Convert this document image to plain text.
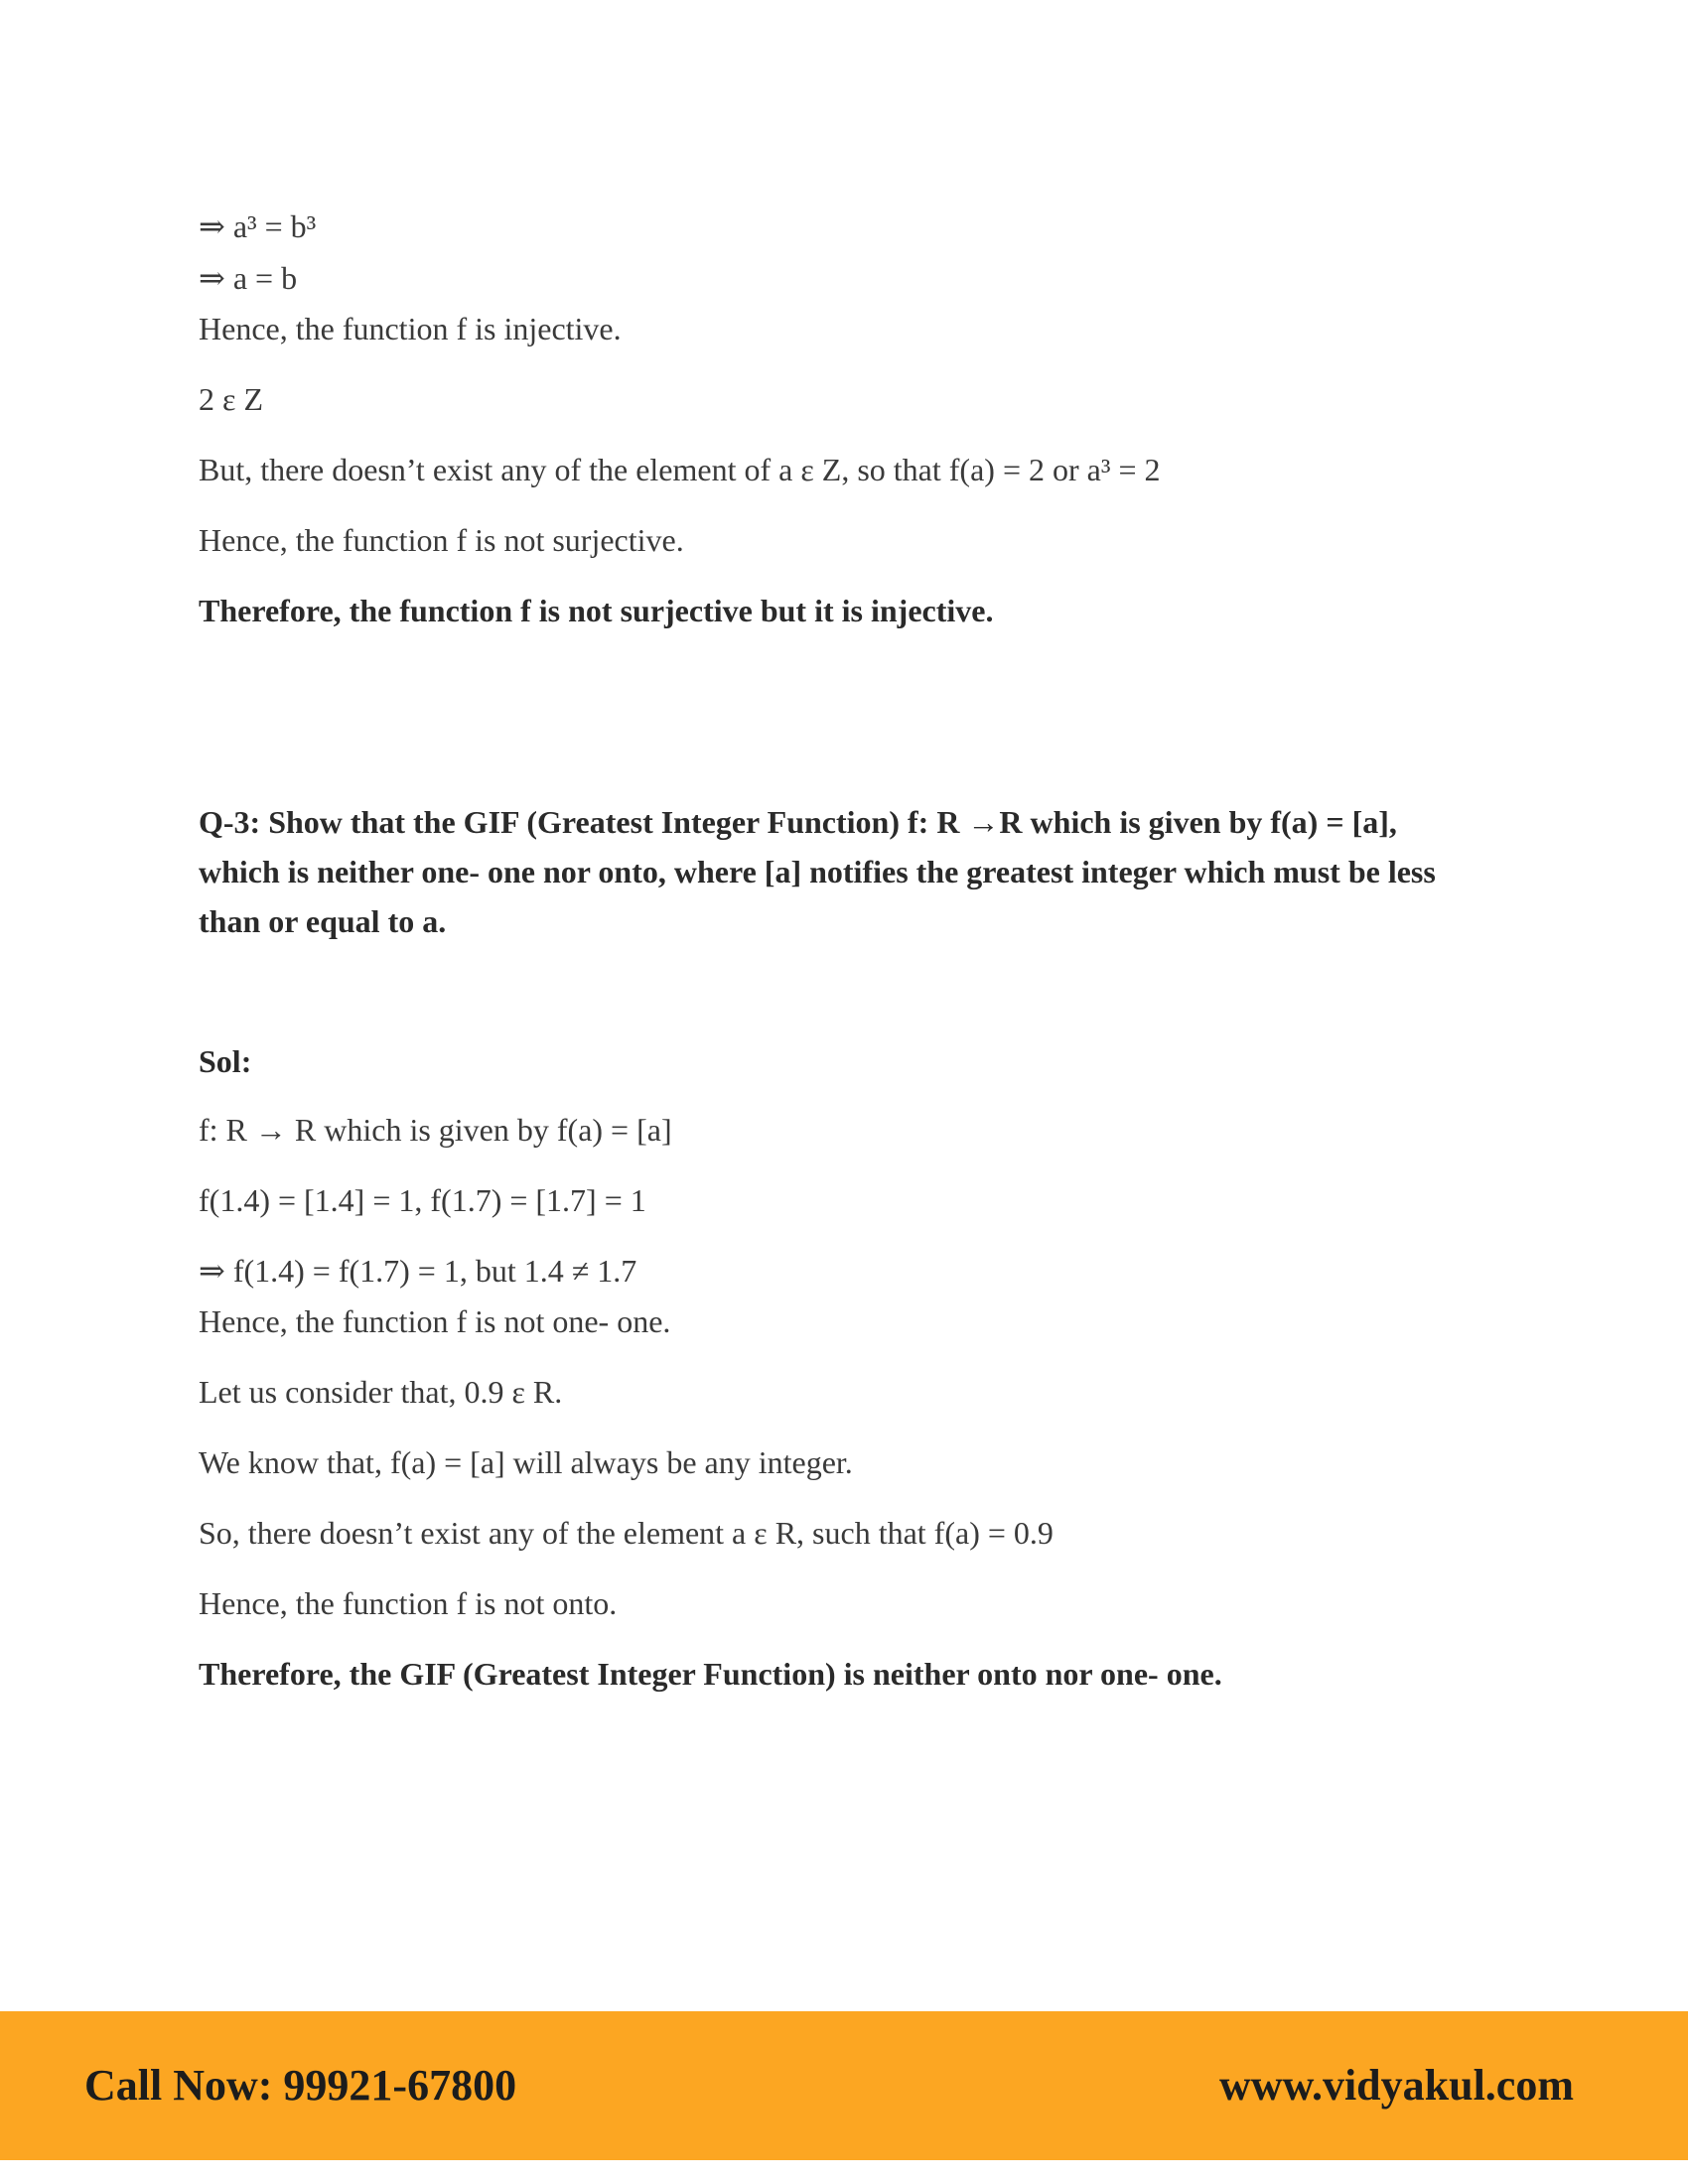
⇒ a³ = b³
⇒ a = b
Hence, the function f is injective.
2 ε Z
But, there doesn’t exist any of the element of a ε Z, so that f(a) = 2 or a³ = 2
Hence, the function f is not surjective.
Therefore, the function f is not surjective but it is injective.
Q-3: Show that the GIF (Greatest Integer Function) f: R →R which is given by f(a) = [a], which is neither one- one nor onto, where [a] notifies the greatest integer which must be less than or equal to a.
Sol:
f: R → R which is given by f(a) = [a]
f(1.4) = [1.4] = 1, f(1.7) = [1.7] = 1
⇒ f(1.4) = f(1.7) = 1, but 1.4 ≠ 1.7
Hence, the function f is not one- one.
Let us consider that, 0.9 ε R.
We know that, f(a) = [a] will always be any integer.
So, there doesn’t exist any of the element a ε R, such that f(a) = 0.9
Hence, the function f is not onto.
Therefore, the GIF (Greatest Integer Function) is neither onto nor one- one.
Call Now: 99921-67800	www.vidyakul.com
